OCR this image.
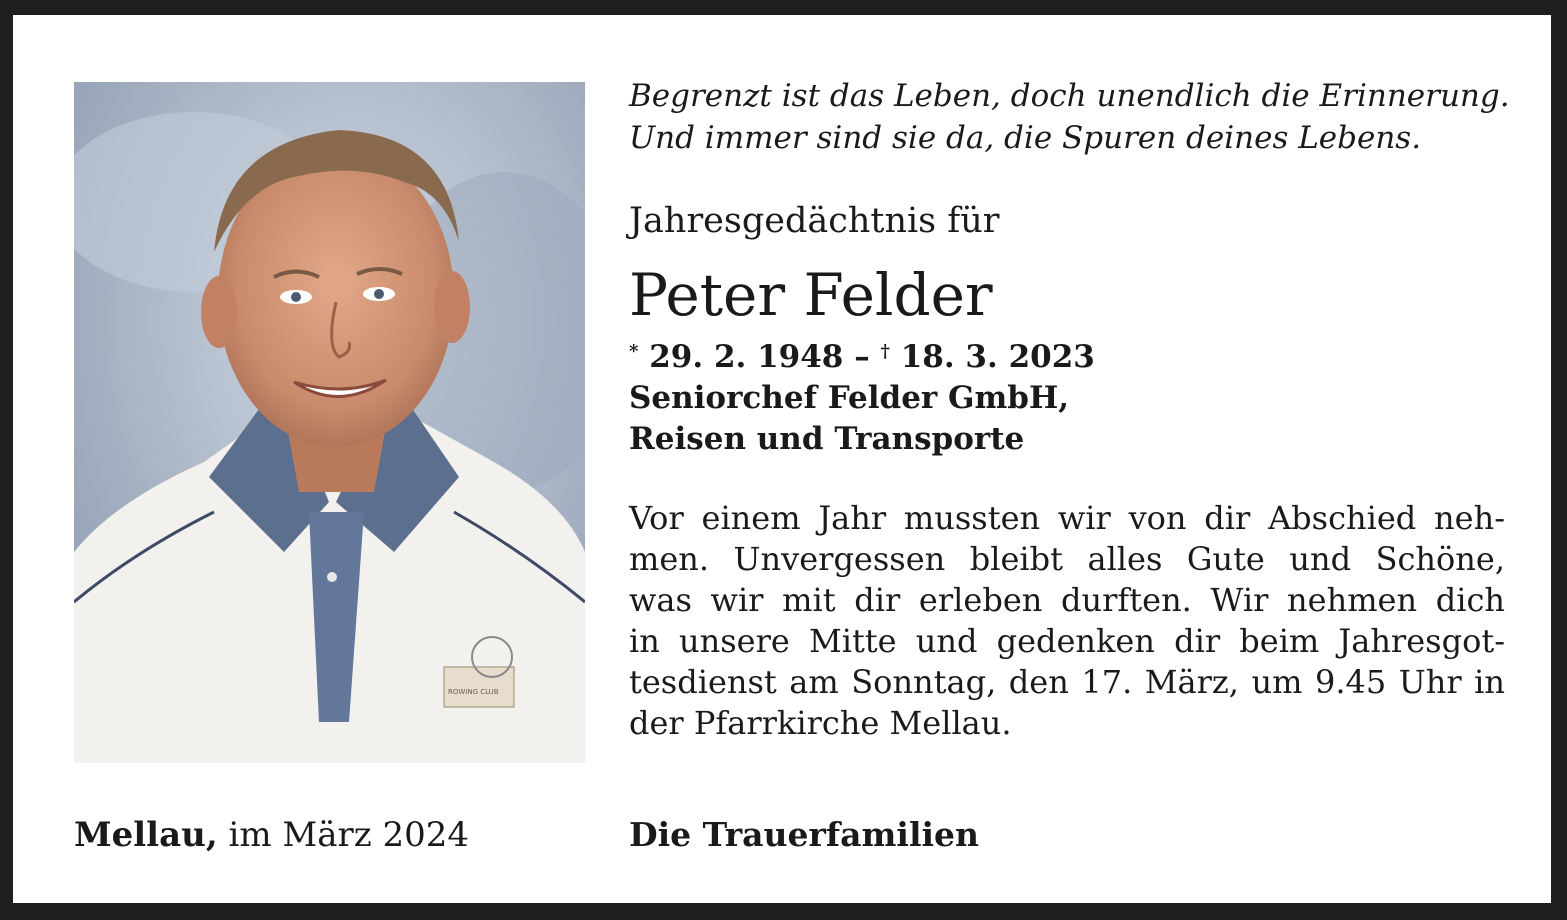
ROWING CLUB
Mellau, im März 2024
Begrenzt ist das Leben, doch unendlich die Erinnerung.
Und immer sind sie da, die Spuren deines Lebens.
Jahresgedächtnis für
Peter Felder
* 29. 2. 1948 – † 18. 3. 2023
Seniorchef Felder GmbH,
Reisen und Transporte
Vor einem Jahr mussten wir von dir Abschied neh-
men. Unvergessen bleibt alles Gute und Schöne,
was wir mit dir erleben durften. Wir nehmen dich
in unsere Mitte und gedenken dir beim Jahresgot-
tesdienst am Sonntag, den 17. März, um 9.45 Uhr in
der Pfarrkirche Mellau.
Die Trauerfamilien
